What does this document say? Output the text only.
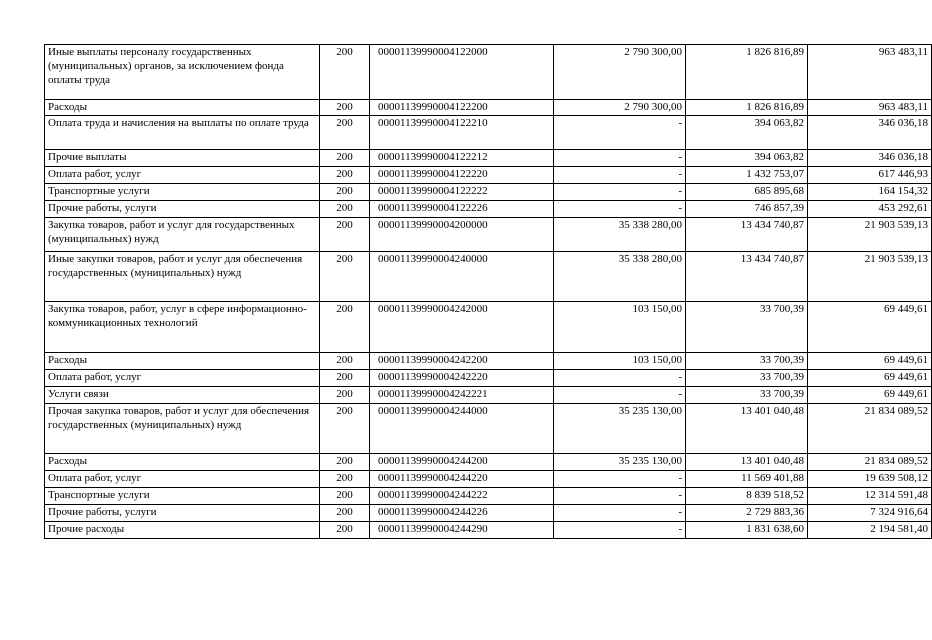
Иные выплаты персоналу государственных (муниципальных) органов, за исключением фонда оплаты труда	200	00001139990004122000	2 790 300,00	1 826 816,89	963 483,11
Расходы	200	00001139990004122200	2 790 300,00	1 826 816,89	963 483,11
Оплата труда и начисления на выплаты по оплате труда	200	00001139990004122210	-	394 063,82	346 036,18
Прочие выплаты	200	00001139990004122212	-	394 063,82	346 036,18
Оплата работ, услуг	200	00001139990004122220	-	1 432 753,07	617 446,93
Транспортные услуги	200	00001139990004122222	-	685 895,68	164 154,32
Прочие работы, услуги	200	00001139990004122226	-	746 857,39	453 292,61
Закупка товаров, работ и услуг для государственных (муниципальных) нужд	200	00001139990004200000	35 338 280,00	13 434 740,87	21 903 539,13
Иные закупки товаров, работ и услуг для обеспечения государственных (муниципальных) нужд	200	00001139990004240000	35 338 280,00	13 434 740,87	21 903 539,13
Закупка товаров, работ, услуг в сфере информационно-коммуникационных технологий	200	00001139990004242000	103 150,00	33 700,39	69 449,61
Расходы	200	00001139990004242200	103 150,00	33 700,39	69 449,61
Оплата работ, услуг	200	00001139990004242220	-	33 700,39	69 449,61
Услуги связи	200	00001139990004242221	-	33 700,39	69 449,61
Прочая закупка товаров, работ и услуг для обеспечения государственных (муниципальных) нужд	200	00001139990004244000	35 235 130,00	13 401 040,48	21 834 089,52
Расходы	200	00001139990004244200	35 235 130,00	13 401 040,48	21 834 089,52
Оплата работ, услуг	200	00001139990004244220	-	11 569 401,88	19 639 508,12
Транспортные услуги	200	00001139990004244222	-	8 839 518,52	12 314 591,48
Прочие работы, услуги	200	00001139990004244226	-	2 729 883,36	7 324 916,64
Прочие расходы	200	00001139990004244290	-	1 831 638,60	2 194 581,40
